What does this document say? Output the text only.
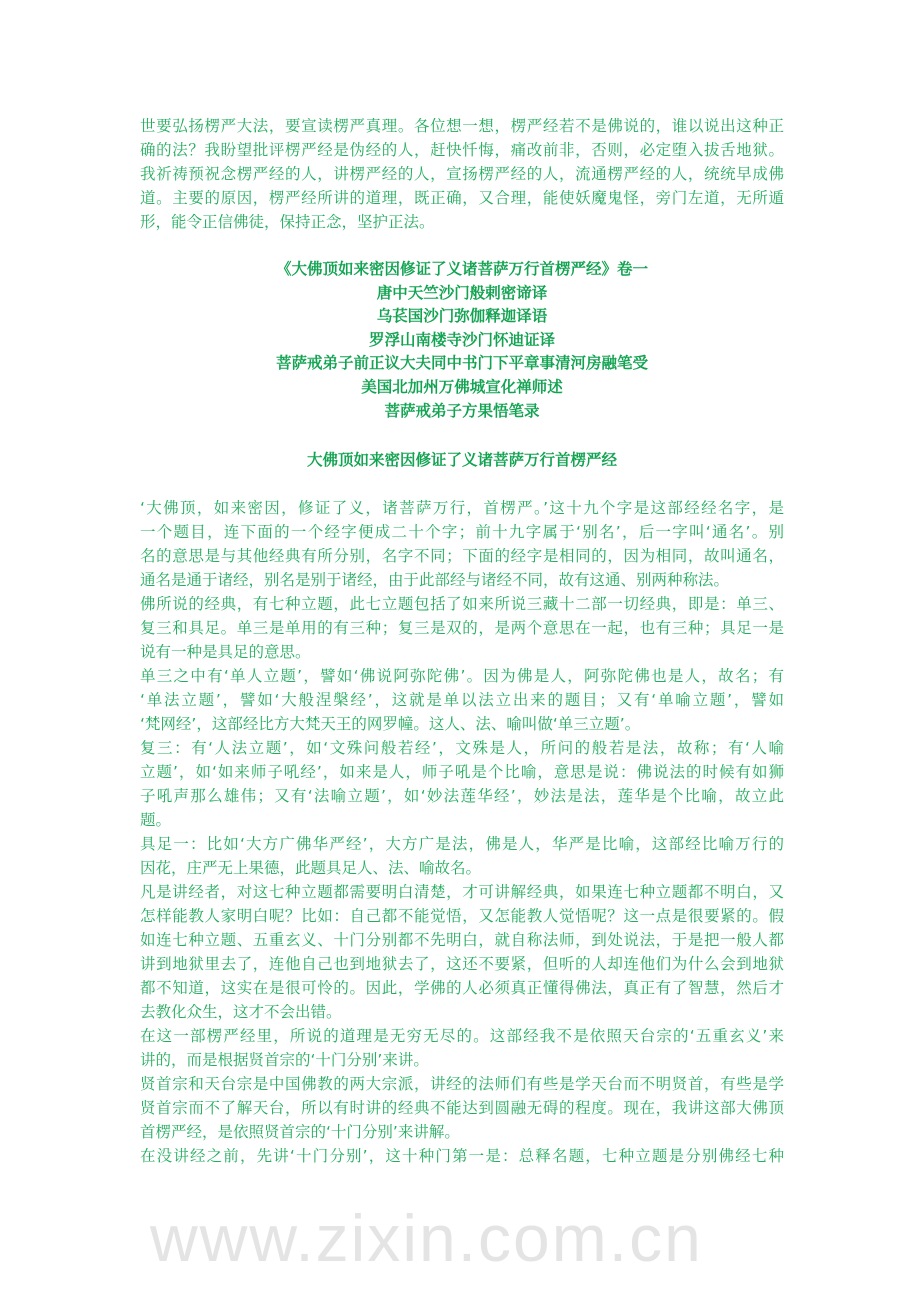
www.zixin.com.cn
世要弘扬楞严大法，要宣读楞严真理。各位想一想，楞严经若不是佛说的，谁以说出这种正
确的法？我盼望批评楞严经是伪经的人，赶快忏悔，痛改前非，否则，必定堕入拔舌地狱。
我祈祷预祝念楞严经的人，讲楞严经的人，宣扬楞严经的人，流通楞严经的人，统统早成佛
道。主要的原因，楞严经所讲的道理，既正确，又合理，能使妖魔鬼怪，旁门左道，无所遁
形，能令正信佛徒，保持正念，坚护正法。
《大佛顶如来密因修证了义诸菩萨万行首楞严经》卷一
唐中天竺沙门般剌密谛译
乌苌国沙门弥伽释迦译语
罗浮山南楼寺沙门怀迪证译
菩萨戒弟子前正议大夫同中书门下平章事清河房融笔受
美国北加州万佛城宣化禅师述
菩萨戒弟子方果悟笔录
大佛顶如来密因修证了义诸菩萨万行首楞严经
‘大佛顶，如来密因，修证了义，诸菩萨万行，首楞严。’这十九个字是这部经经名字，是
一个题目，连下面的一个经字便成二十个字；前十九字属于‘别名’，后一字叫‘通名’。别
名的意思是与其他经典有所分别，名字不同；下面的经字是相同的，因为相同，故叫通名，
通名是通于诸经，别名是别于诸经，由于此部经与诸经不同，故有这通、别两种称法。
佛所说的经典，有七种立题，此七立题包括了如来所说三藏十二部一切经典，即是：单三、
复三和具足。单三是单用的有三种；复三是双的，是两个意思在一起，也有三种；具足一是
说有一种是具足的意思。
单三之中有‘单人立题’，譬如‘佛说阿弥陀佛’。因为佛是人，阿弥陀佛也是人，故名；有
‘单法立题’，譬如‘大般涅槃经’，这就是单以法立出来的题目；又有‘单喻立题’，譬如
‘梵网经’，这部经比方大梵天王的网罗幢。这人、法、喻叫做‘单三立题’。
复三：有‘人法立题’，如‘文殊问般若经’，文殊是人，所问的般若是法，故称；有‘人喻
立题’，如‘如来师子吼经’，如来是人，师子吼是个比喻，意思是说：佛说法的时候有如狮
子吼声那么雄伟；又有‘法喻立题’，如‘妙法莲华经’，妙法是法，莲华是个比喻，故立此
题。
具足一：比如‘大方广佛华严经’，大方广是法，佛是人，华严是比喻，这部经比喻万行的
因花，庄严无上果德，此题具足人、法、喻故名。
凡是讲经者，对这七种立题都需要明白清楚，才可讲解经典，如果连七种立题都不明白，又
怎样能教人家明白呢？比如：自己都不能觉悟，又怎能教人觉悟呢？这一点是很要紧的。假
如连七种立题、五重玄义、十门分别都不先明白，就自称法师，到处说法，于是把一般人都
讲到地狱里去了，连他自己也到地狱去了，这还不要紧，但听的人却连他们为什么会到地狱
都不知道，这实在是很可怜的。因此，学佛的人必须真正懂得佛法，真正有了智慧，然后才
去教化众生，这才不会出错。
在这一部楞严经里，所说的道理是无穷无尽的。这部经我不是依照天台宗的‘五重玄义’来
讲的，而是根据贤首宗的‘十门分别’来讲。
贤首宗和天台宗是中国佛教的两大宗派，讲经的法师们有些是学天台而不明贤首，有些是学
贤首宗而不了解天台，所以有时讲的经典不能达到圆融无碍的程度。现在，我讲这部大佛顶
首楞严经，是依照贤首宗的‘十门分别’来讲解。
在没讲经之前，先讲‘十门分别’，这十种门第一是：总释名题，七种立题是分别佛经七种
